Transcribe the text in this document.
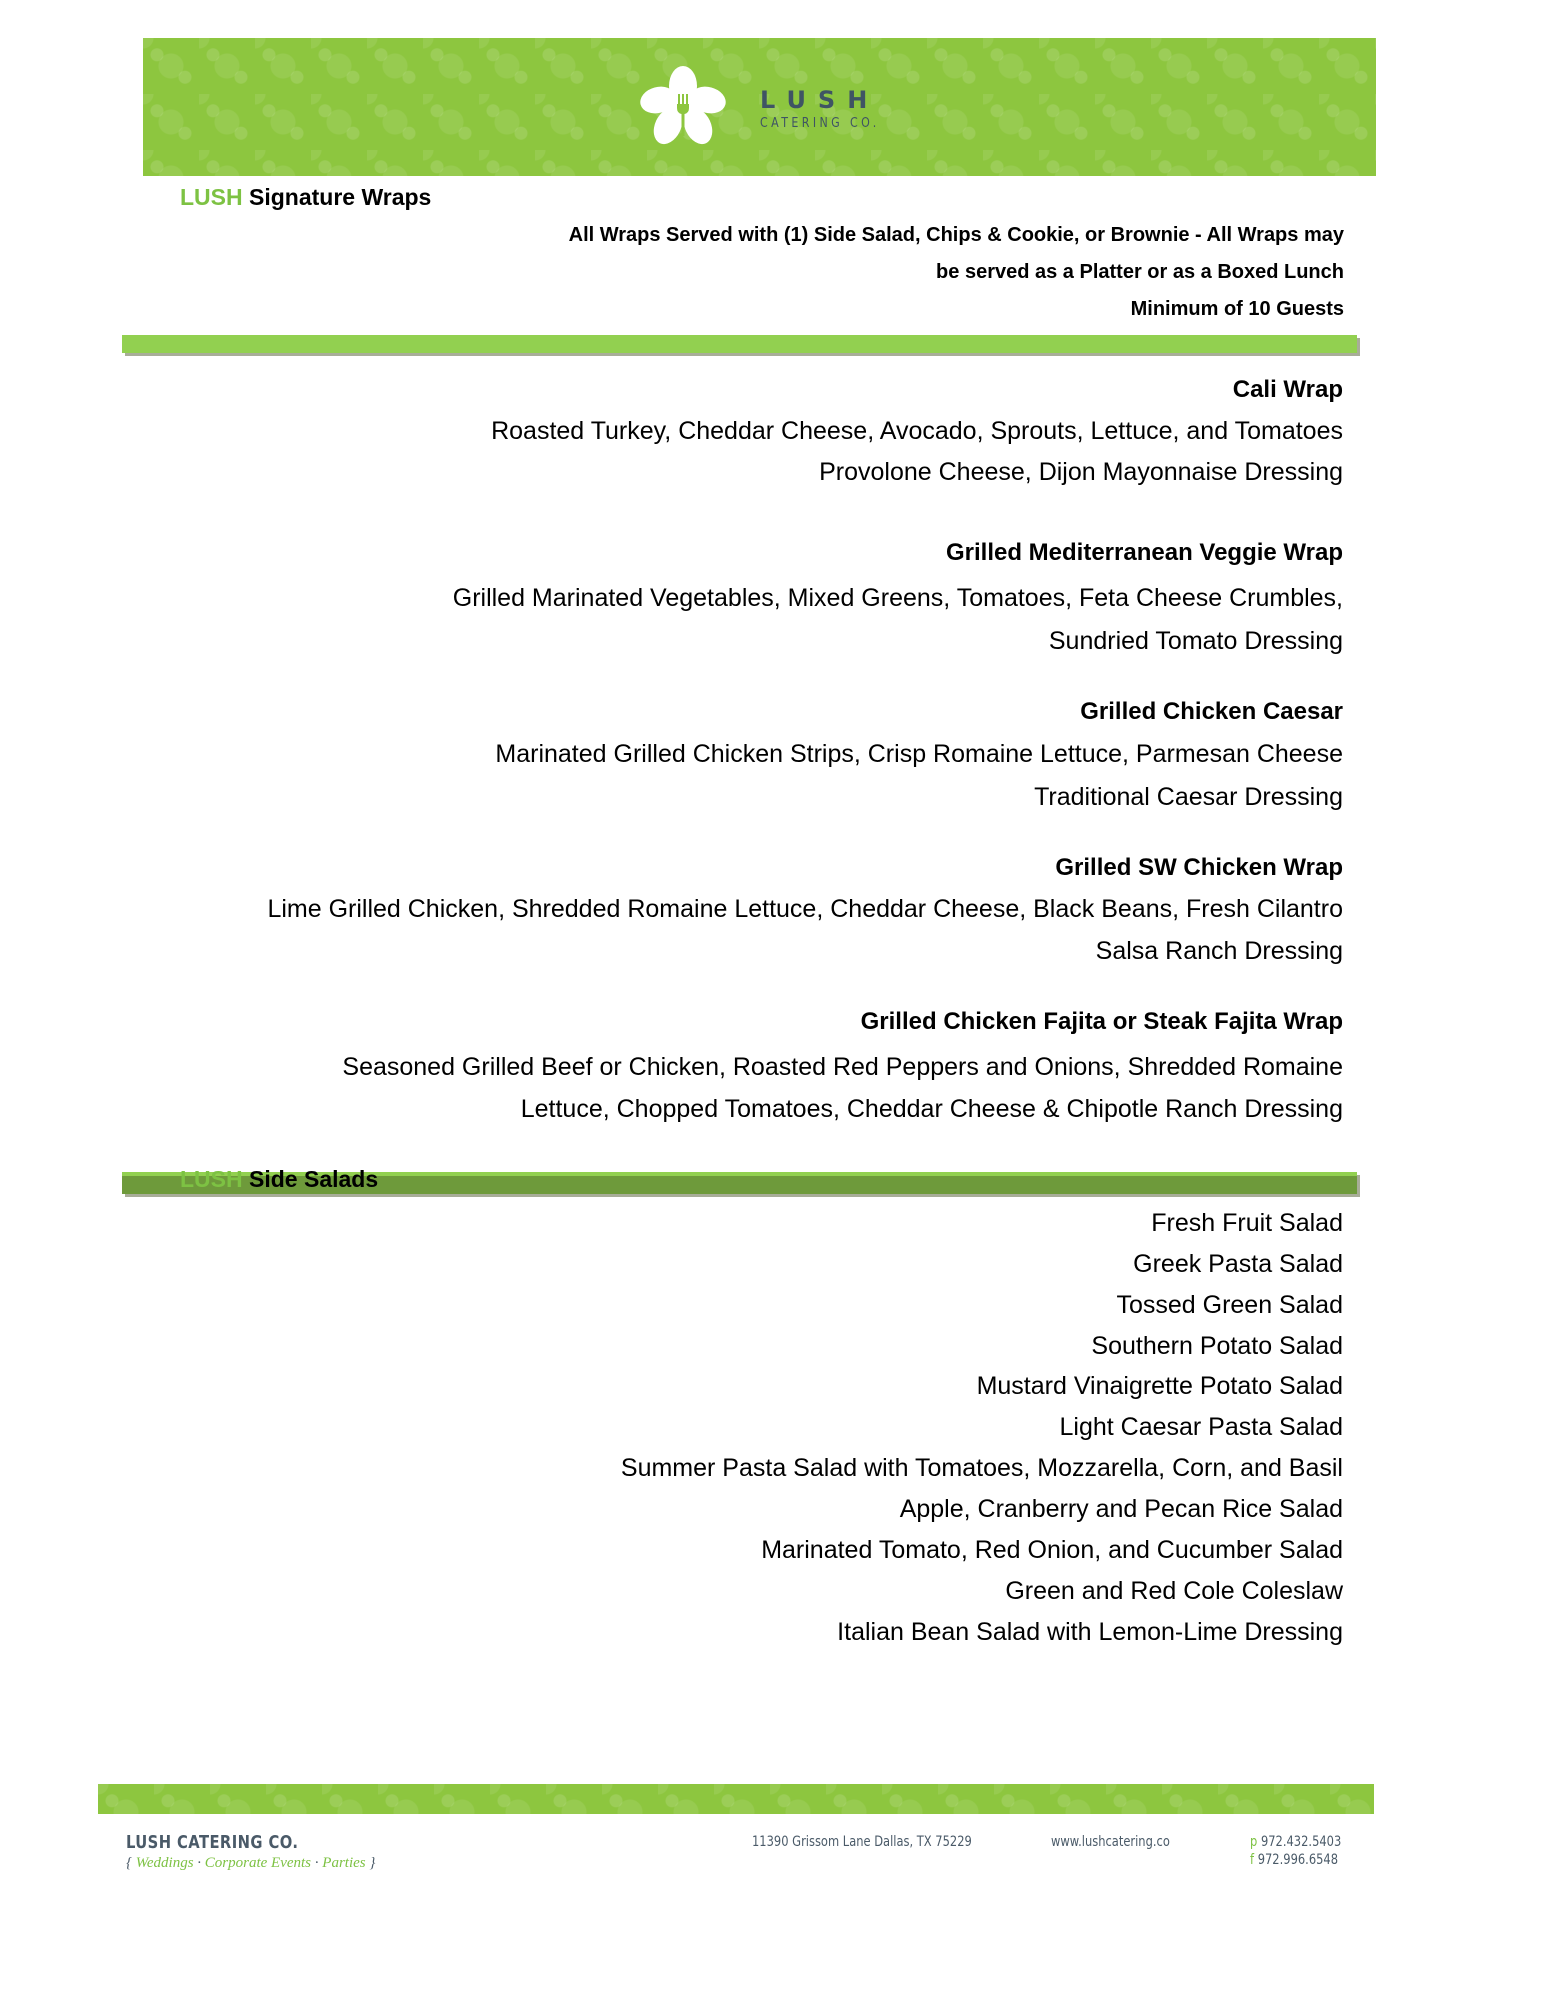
LUSH
CATERING CO.
LUSH Signature Wraps
All Wraps Served with (1) Side Salad, Chips & Cookie, or Brownie - All Wraps may
be served as a Platter or as a Boxed Lunch
Minimum of 10 Guests
Cali Wrap
Roasted Turkey, Cheddar Cheese, Avocado, Sprouts, Lettuce, and Tomatoes
Provolone Cheese, Dijon Mayonnaise Dressing
Grilled Mediterranean Veggie Wrap
Grilled Marinated Vegetables, Mixed Greens, Tomatoes, Feta Cheese Crumbles,
Sundried Tomato Dressing
Grilled Chicken Caesar
Marinated Grilled Chicken Strips, Crisp Romaine Lettuce, Parmesan Cheese
Traditional Caesar Dressing
Grilled SW Chicken Wrap
Lime Grilled Chicken, Shredded Romaine Lettuce, Cheddar Cheese, Black Beans, Fresh Cilantro
Salsa Ranch Dressing
Grilled Chicken Fajita or Steak Fajita Wrap
Seasoned Grilled Beef or Chicken, Roasted Red Peppers and Onions, Shredded Romaine
Lettuce, Chopped Tomatoes, Cheddar Cheese & Chipotle Ranch Dressing
LUSH Side Salads
Fresh Fruit Salad
Greek Pasta Salad
Tossed Green Salad
Southern Potato Salad
Mustard Vinaigrette Potato Salad
Light Caesar Pasta Salad
Summer Pasta Salad with Tomatoes, Mozzarella, Corn, and Basil
Apple, Cranberry and Pecan Rice Salad
Marinated Tomato, Red Onion, and Cucumber Salad
Green and Red Cole Coleslaw
Italian Bean Salad with Lemon-Lime Dressing
LUSH CATERING CO.
{ Weddings · Corporate Events · Parties }
11390 Grissom Lane Dallas, TX 75229	www.lushcatering.co	p 972.432.5403
f 972.996.6548
